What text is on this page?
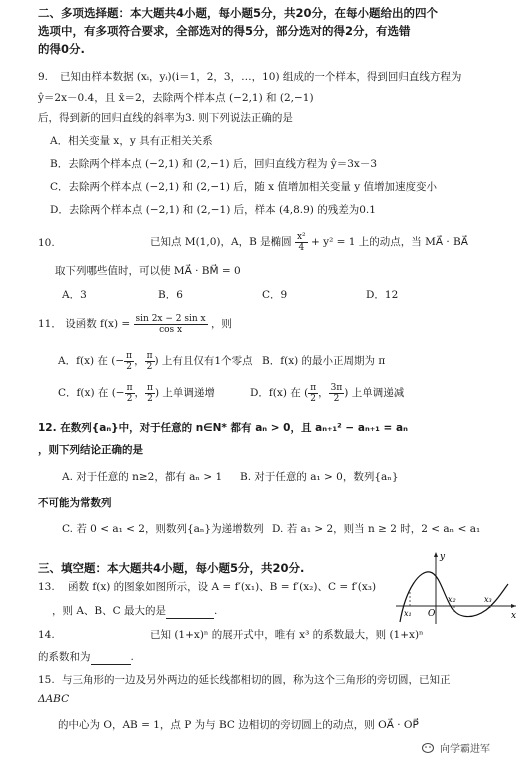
二、多项选择题：本大题共4小题，每小题5分，共20分，在每小题给出的四个
选项中，有多项符合要求，全部选对的得5分，部分选对的得2分，有选错
的得0分.
9. 已知由样本数据 (xᵢ，yᵢ)(i＝1，2，3，…，10) 组成的一个样本，得到回归直线方程为
ŷ＝2x－0.4，且 x̄＝2，去除两个样本点 (−2,1) 和 (2,−1)
后，得到新的回归直线的斜率为3. 则下列说法正确的是
A．相关变量 x，y 具有正相关关系
B．去除两个样本点 (−2,1) 和 (2,−1) 后，回归直线方程为 ŷ＝3x－3
C．去除两个样本点 (−2,1) 和 (2,−1) 后，随 x 值增加相关变量 y 值增加速度变小
D．去除两个样本点 (−2,1) 和 (2,−1) 后，样本 (4,8.9) 的残差为0.1
10.	已知点 M(1,0)，A，B 是椭圆 $\frac{\text{x²}}{4} + y^2 = 1$ 上的动点，当 MA⃗ · BA⃗
取下列哪些值时，可以使 MA⃗ · BM⃗ = 0
A．3	B．6	C．9	D．12
11． 设函数 $f(x) = \frac{\text{sin 2x − 2 sin x}}{\text{cos x}}$ ，则
A．f(x) 在 (− $\frac{\pi}{2}$ ， $\frac{\pi}{2}$ ) 上有且仅有1个零点 B．f(x) 的最小正周期为 π
C．f(x) 在 (− $\frac{\pi}{2}$ ， $\frac{\pi}{2}$ ) 上单调递增	D．f(x) 在 ( $\frac{\pi}{2}$ ， $\frac{3\pi}{2}$ ) 上单调递减
12. 在数列{aₙ}中，对于任意的 n∈N* 都有 aₙ > 0，且 aₙ₊₁² − aₙ₊₁ = aₙ
，则下列结论正确的是
A. 对于任意的 n≥2，都有 aₙ > 1 B. 对于任意的 a₁ > 0，数列{aₙ}
不可能为常数列
C. 若 0 < a₁ < 2，则数列{aₙ}为递增数列 D. 若 a₁ > 2，则当 n ≥ 2 时，2 < aₙ < a₁
三、填空题：本大题共4小题，每小题5分，共20分.
13. 函数 f(x) 的图象如图所示，设 A = f′(x₁)、B = f′(x₂)、C = f′(x₃)
，则 A、B、C 最大的是	.
y
x
O
x₁
x₂	x₃
14.	已知 (1+x)ⁿ 的展开式中，唯有 x³ 的系数最大，则 (1+x)ⁿ
的系数和为	.
15. 与三角形的一边及另外两边的延长线都相切的圆，称为这个三角形的旁切圆，已知正
ΔABC
的中心为 O，AB = 1，点 P 为与 BC 边相切的旁切圆上的动点，则 OA⃗ · OP⃗
向学霸进军
